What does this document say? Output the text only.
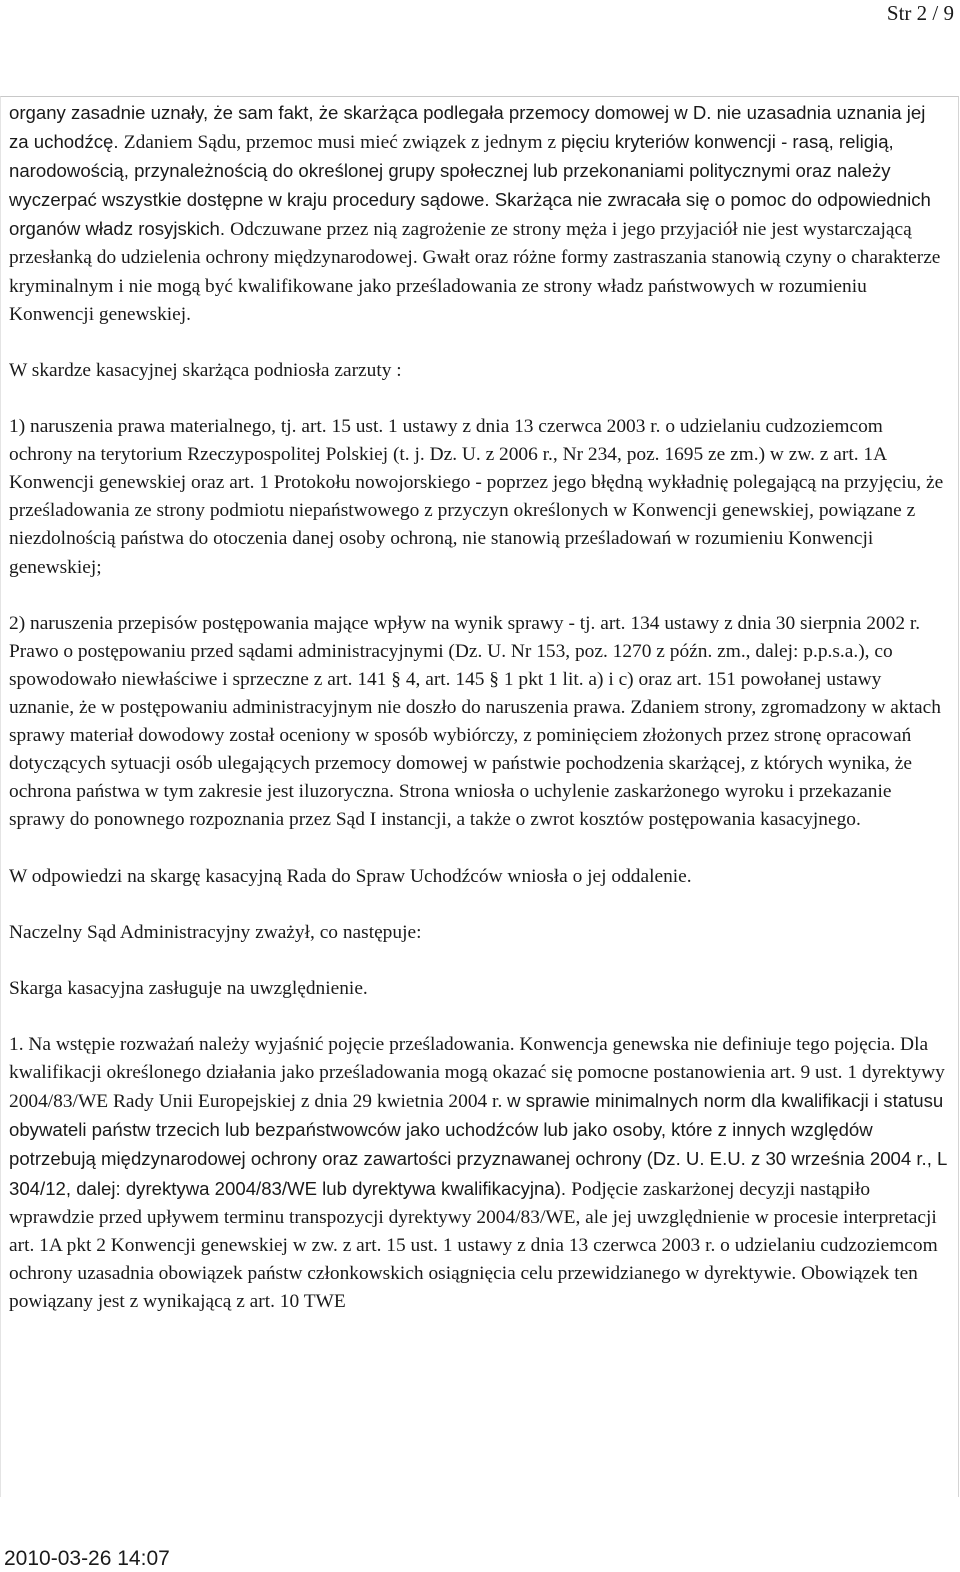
Str 2 / 9

organy zasadnie uznały, że sam fakt, że skarżąca podlegała przemocy domowej w D. nie uzasadnia uznania jej za uchodźcę. Zdaniem Sądu, przemoc musi mieć związek z jednym z pięciu kryteriów konwencji - rasą, religią, narodowością, przynależnością do określonej grupy społecznej lub przekonaniami politycznymi oraz należy wyczerpać wszystkie dostępne w kraju procedury sądowe. Skarżąca nie zwracała się o pomoc do odpowiednich organów władz rosyjskich. Odczuwane przez nią zagrożenie ze strony męża i jego przyjaciół nie jest wystarczającą przesłanką do udzielenia ochrony międzynarodowej. Gwałt oraz różne formy zastraszania stanowią czyny o charakterze kryminalnym i nie mogą być kwalifikowane jako prześladowania ze strony władz państwowych w rozumieniu Konwencji genewskiej.

W skardze kasacyjnej skarżąca podniosła zarzuty :

1) naruszenia prawa materialnego, tj. art. 15 ust. 1 ustawy z dnia 13 czerwca 2003 r. o udzielaniu cudzoziemcom ochrony na terytorium Rzeczypospolitej Polskiej (t. j. Dz. U. z 2006 r., Nr 234, poz. 1695 ze zm.) w zw. z art. 1A Konwencji genewskiej oraz art. 1 Protokołu nowojorskiego - poprzez jego błędną wykładnię polegającą na przyjęciu, że prześladowania ze strony podmiotu niepaństwowego z przyczyn określonych w Konwencji genewskiej, powiązane z niezdolnością państwa do otoczenia danej osoby ochroną, nie stanowią prześladowań w rozumieniu Konwencji genewskiej;

2) naruszenia przepisów postępowania mające wpływ na wynik sprawy - tj. art. 134 ustawy z dnia 30 sierpnia 2002 r. Prawo o postępowaniu przed sądami administracyjnymi (Dz. U. Nr 153, poz. 1270 z późn. zm., dalej: p.p.s.a.), co spowodowało niewłaściwe i sprzeczne z art. 141 § 4, art. 145 § 1 pkt 1 lit. a) i c) oraz art. 151 powołanej ustawy uznanie, że w postępowaniu administracyjnym nie doszło do naruszenia prawa. Zdaniem strony, zgromadzony w aktach sprawy materiał dowodowy został oceniony w sposób wybiórczy, z pominięciem złożonych przez stronę opracowań dotyczących sytuacji osób ulegających przemocy domowej w państwie pochodzenia skarżącej, z których wynika, że ochrona państwa w tym zakresie jest iluzoryczna. Strona wniosła o uchylenie zaskarżonego wyroku i przekazanie sprawy do ponownego rozpoznania przez Sąd I instancji, a także o zwrot kosztów postępowania kasacyjnego.

W odpowiedzi na skargę kasacyjną Rada do Spraw Uchodźców wniosła o jej oddalenie.

Naczelny Sąd Administracyjny zważył, co następuje:

Skarga kasacyjna zasługuje na uwzględnienie.

1. Na wstępie rozważań należy wyjaśnić pojęcie prześladowania. Konwencja genewska nie definiuje tego pojęcia. Dla kwalifikacji określonego działania jako prześladowania mogą okazać się pomocne postanowienia art. 9 ust. 1 dyrektywy 2004/83/WE Rady Unii Europejskiej z dnia 29 kwietnia 2004 r. w sprawie minimalnych norm dla kwalifikacji i statusu obywateli państw trzecich lub bezpaństwowców jako uchodźców lub jako osoby, które z innych względów potrzebują międzynarodowej ochrony oraz zawartości przyznawanej ochrony (Dz. U. E.U. z 30 września 2004 r., L 304/12, dalej: dyrektywa 2004/83/WE lub dyrektywa kwalifikacyjna). Podjęcie zaskarżonej decyzji nastąpiło wprawdzie przed upływem terminu transpozycji dyrektywy 2004/83/WE, ale jej uwzględnienie w procesie interpretacji art. 1A pkt 2 Konwencji genewskiej w zw. z art. 15 ust. 1 ustawy z dnia 13 czerwca 2003 r. o udzielaniu cudzoziemcom ochrony uzasadnia obowiązek państw członkowskich osiągnięcia celu przewidzianego w dyrektywie. Obowiązek ten powiązany jest z wynikającą z art. 10 TWE

2010-03-26 14:07
